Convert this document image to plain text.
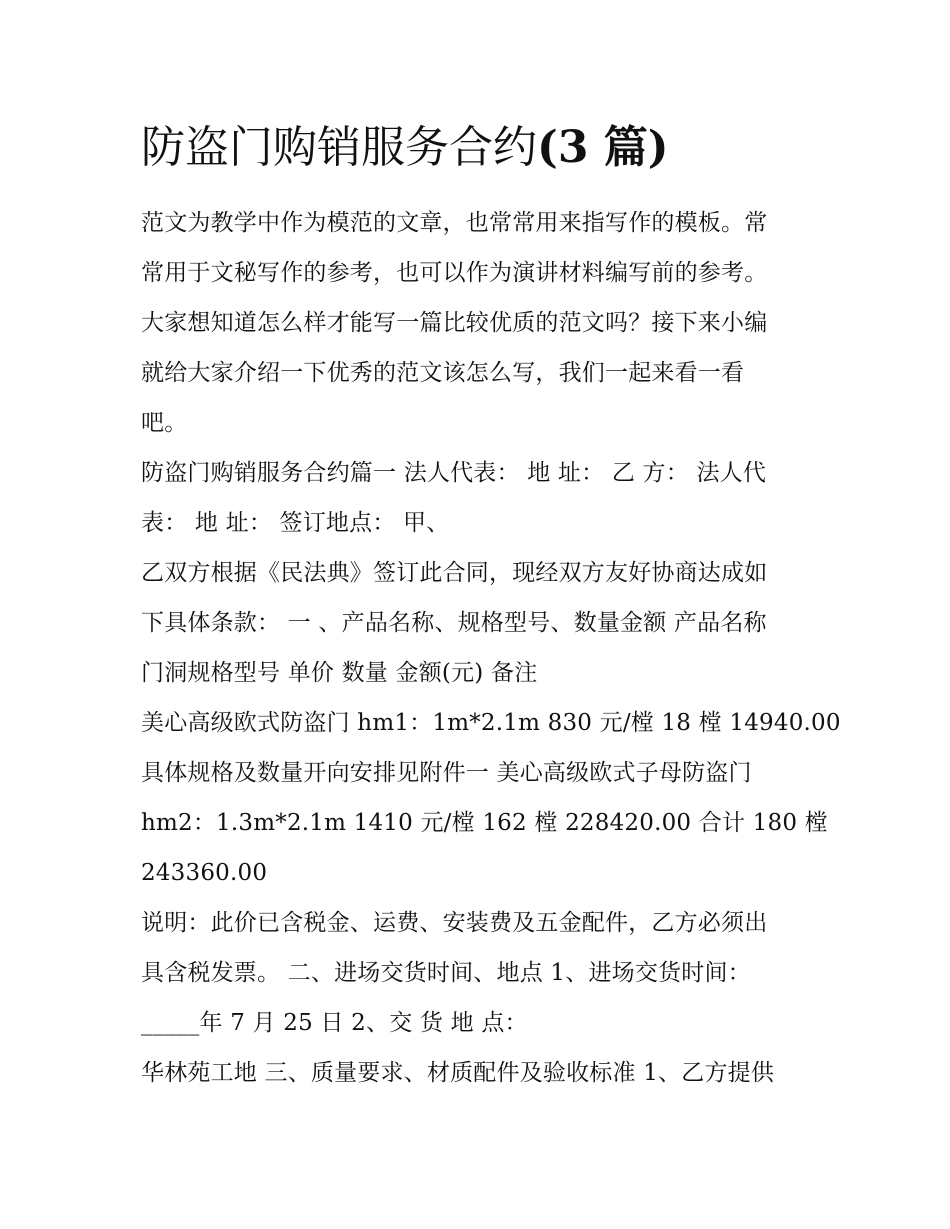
防盗门购销服务合约(3 篇)
范文为教学中作为模范的文章，也常常用来指写作的模板。常
常用于文秘写作的参考，也可以作为演讲材料编写前的参考。
大家想知道怎么样才能写一篇比较优质的范文吗？接下来小编
就给大家介绍一下优秀的范文该怎么写，我们一起来看一看
吧。
防盗门购销服务合约篇一 法人代表： 地 址： 乙 方： 法人代
表： 地 址： 签订地点： 甲、
乙双方根据《民法典》签订此合同，现经双方友好协商达成如
下具体条款： 一 、产品名称、规格型号、数量金额 产品名称
门洞规格型号 单价 数量 金额(元) 备注
美心高级欧式防盗门 hm1：1m*2.1m 830 元/樘 18 樘 14940.00
具体规格及数量开向安排见附件一 美心高级欧式子母防盗门
hm2：1.3m*2.1m 1410 元/樘 162 樘 228420.00 合计 180 樘
243360.00
说明：此价已含税金、运费、安装费及五金配件，乙方必须出
具含税发票。 二、进场交货时间、地点 1、进场交货时间：
_____年 7 月 25 日 2、交 货 地 点：
华林苑工地 三、质量要求、材质配件及验收标准 1、乙方提供
